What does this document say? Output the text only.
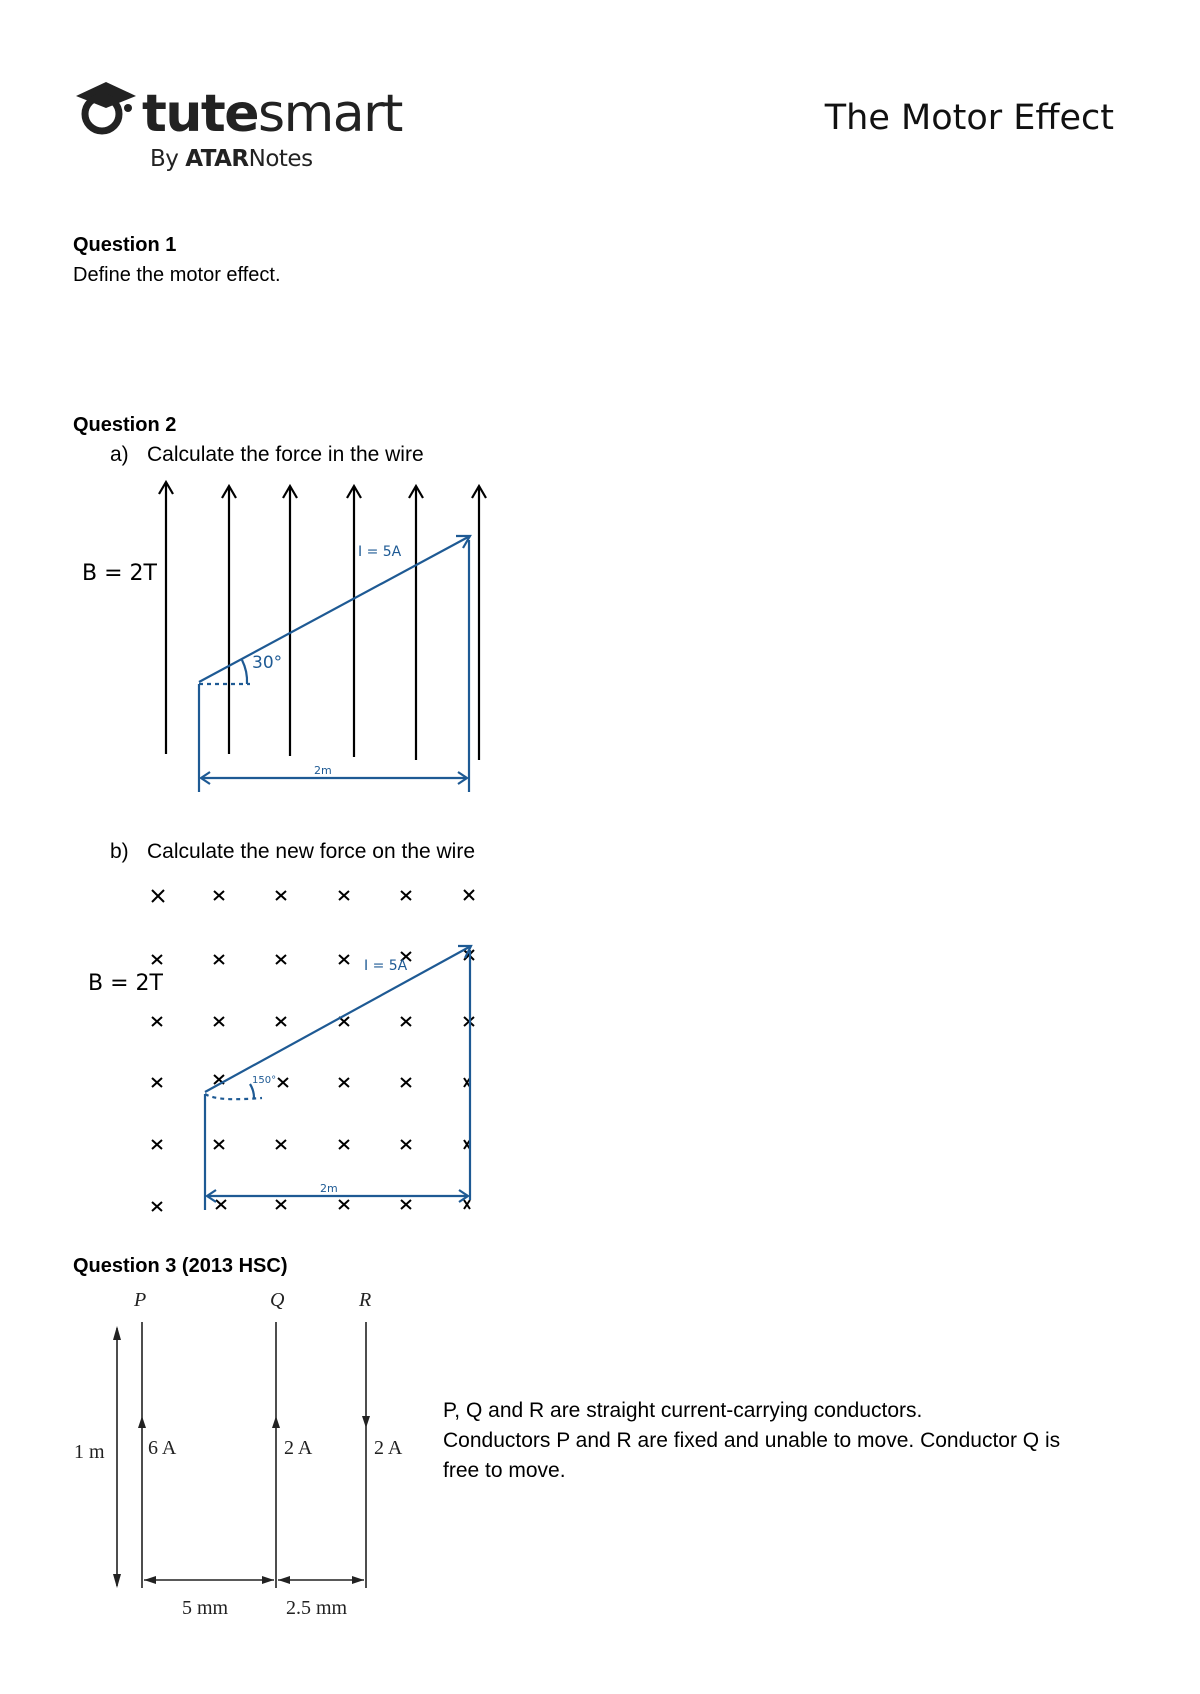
tutesmart
By ATARNotes
The Motor Effect
Question 1
Define the motor effect.
Question 2
a) Calculate the force in the wire
B = 2T
I = 5A
30°
2m
b) Calculate the new force on the wire
B = 2T
I = 5A
150°
2m
Question 3 (2013 HSC)
P	Q	R
1 m 6 A	2 A	2 A
5 mm	2.5 mm
P, Q and R are straight current-carrying conductors.
Conductors P and R are fixed and unable to move. Conductor Q is
free to move.
